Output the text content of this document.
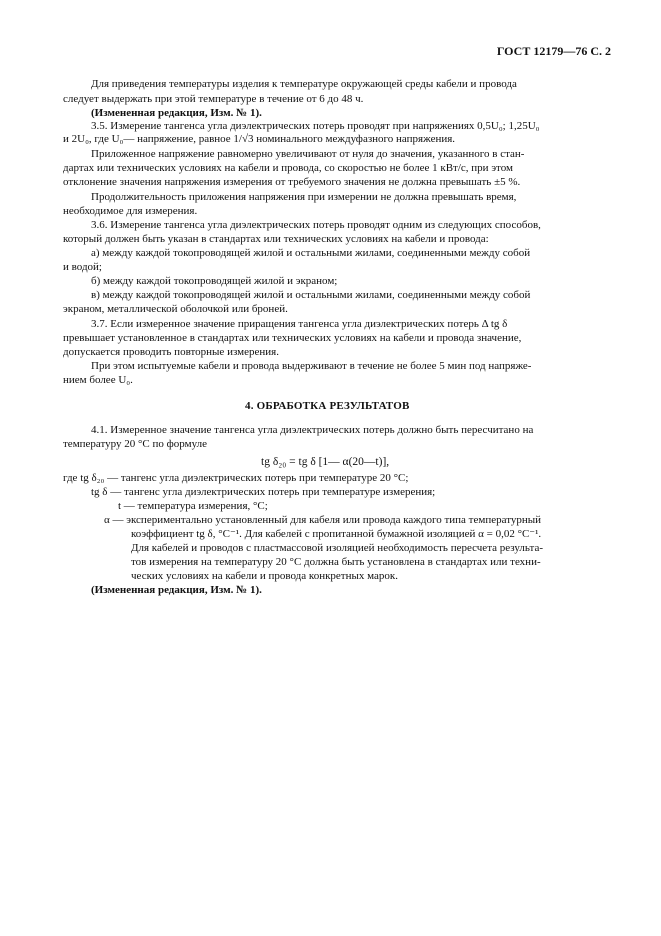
ГОСТ 12179—76 С. 2
Для приведения температуры изделия к температуре окружающей среды кабели и провода
следует выдержать при этой температуре в течение от 6 до 48 ч.
(Измененная редакция, Изм. № 1).
3.5. Измерение тангенса угла диэлектрических потерь проводят при напряжениях 0,5U₀; 1,25U₀
и 2U₀, где U₀— напряжение, равное 1/√3 номинального междуфазного напряжения.
Приложенное напряжение равномерно увеличивают от нуля до значения, указанного в стан-
дартах или технических условиях на кабели и провода, со скоростью не более 1 кВт/с, при этом
отклонение значения напряжения измерения от требуемого значения не должна превышать ±5 %.
Продолжительность приложения напряжения при измерении не должна превышать время,
необходимое для измерения.
3.6. Измерение тангенса угла диэлектрических потерь проводят одним из следующих способов,
который должен быть указан в стандартах или технических условиях на кабели и провода:
а) между каждой токопроводящей жилой и остальными жилами, соединенными между собой
и водой;
б) между каждой токопроводящей жилой и экраном;
в) между каждой токопроводящей жилой и остальными жилами, соединенными между собой
экраном, металлической оболочкой или броней.
3.7. Если измеренное значение приращения тангенса угла диэлектрических потерь Δ tg δ
превышает установленное в стандартах или технических условиях на кабели и провода значение,
допускается проводить повторные измерения.
При этом испытуемые кабели и провода выдерживают в течение не более 5 мин под напряже-
нием более U₀.
4. ОБРАБОТКА РЕЗУЛЬТАТОВ
4.1. Измеренное значение тангенса угла диэлектрических потерь должно быть пересчитано на
температуру 20 °С по формуле
tg δ₂₀ = tg δ [1— α(20—t)],
где tg δ₂₀ — тангенс угла диэлектрических потерь при температуре 20 °С;
tg δ — тангенс угла диэлектрических потерь при температуре измерения;
t — температура измерения, °С;
α — экспериментально установленный для кабеля или провода каждого типа температурный
коэффициент tg δ, °С⁻¹. Для кабелей с пропитанной бумажной изоляцией α = 0,02 °С⁻¹.
Для кабелей и проводов с пластмассовой изоляцией необходимость пересчета результа-
тов измерения на температуру 20 °С должна быть установлена в стандартах или техни-
ческих условиях на кабели и провода конкретных марок.
(Измененная редакция, Изм. № 1).
